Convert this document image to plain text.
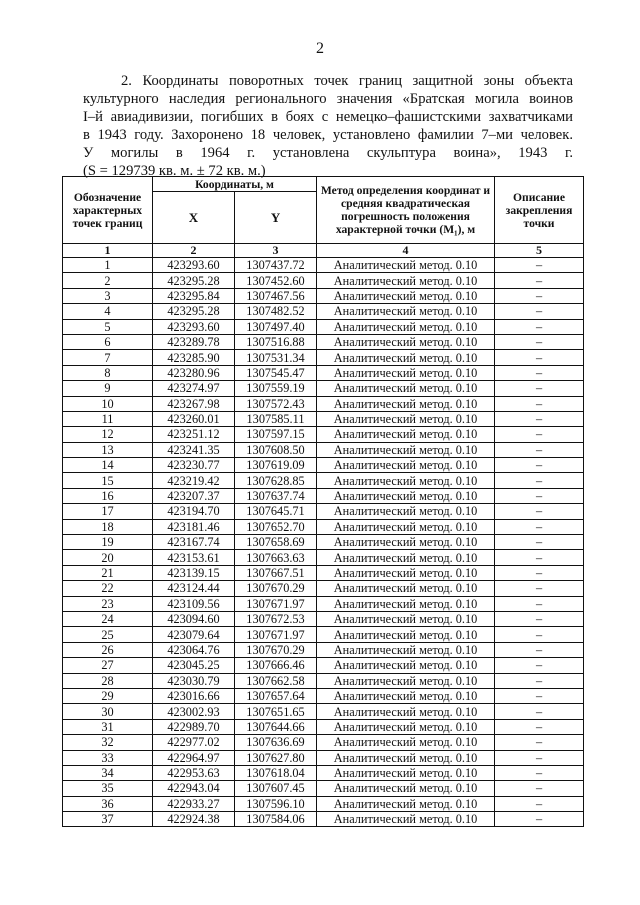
2
2. Координаты поворотных точек границ защитной зоны объекта
культурного наследия регионального значения «Братская могила воинов
I–й авиадивизии, погибших в боях с немецко–фашистскими захватчиками
в 1943 году. Захоронено 18 человек, установлено фамилии 7–ми человек.
У могилы в 1964 г. установлена скульптура воина», 1943 г.
(S = 129739 кв. м. ± 72 кв. м.)
Обозначение характерных точек границ	Координаты, м		Метод определения координат и средняя квадратическая погрешность положения характерной точки (M₁), м	Описание закрепления точки
	X	Y		
1	2	3	4	5
1	423293.60	1307437.72	Аналитический метод. 0.10	–
2	423295.28	1307452.60	Аналитический метод. 0.10	–
3	423295.84	1307467.56	Аналитический метод. 0.10	–
4	423295.28	1307482.52	Аналитический метод. 0.10	–
5	423293.60	1307497.40	Аналитический метод. 0.10	–
6	423289.78	1307516.88	Аналитический метод. 0.10	–
7	423285.90	1307531.34	Аналитический метод. 0.10	–
8	423280.96	1307545.47	Аналитический метод. 0.10	–
9	423274.97	1307559.19	Аналитический метод. 0.10	–
10	423267.98	1307572.43	Аналитический метод. 0.10	–
11	423260.01	1307585.11	Аналитический метод. 0.10	–
12	423251.12	1307597.15	Аналитический метод. 0.10	–
13	423241.35	1307608.50	Аналитический метод. 0.10	–
14	423230.77	1307619.09	Аналитический метод. 0.10	–
15	423219.42	1307628.85	Аналитический метод. 0.10	–
16	423207.37	1307637.74	Аналитический метод. 0.10	–
17	423194.70	1307645.71	Аналитический метод. 0.10	–
18	423181.46	1307652.70	Аналитический метод. 0.10	–
19	423167.74	1307658.69	Аналитический метод. 0.10	–
20	423153.61	1307663.63	Аналитический метод. 0.10	–
21	423139.15	1307667.51	Аналитический метод. 0.10	–
22	423124.44	1307670.29	Аналитический метод. 0.10	–
23	423109.56	1307671.97	Аналитический метод. 0.10	–
24	423094.60	1307672.53	Аналитический метод. 0.10	–
25	423079.64	1307671.97	Аналитический метод. 0.10	–
26	423064.76	1307670.29	Аналитический метод. 0.10	–
27	423045.25	1307666.46	Аналитический метод. 0.10	–
28	423030.79	1307662.58	Аналитический метод. 0.10	–
29	423016.66	1307657.64	Аналитический метод. 0.10	–
30	423002.93	1307651.65	Аналитический метод. 0.10	–
31	422989.70	1307644.66	Аналитический метод. 0.10	–
32	422977.02	1307636.69	Аналитический метод. 0.10	–
33	422964.97	1307627.80	Аналитический метод. 0.10	–
34	422953.63	1307618.04	Аналитический метод. 0.10	–
35	422943.04	1307607.45	Аналитический метод. 0.10	–
36	422933.27	1307596.10	Аналитический метод. 0.10	–
37	422924.38	1307584.06	Аналитический метод. 0.10	–
